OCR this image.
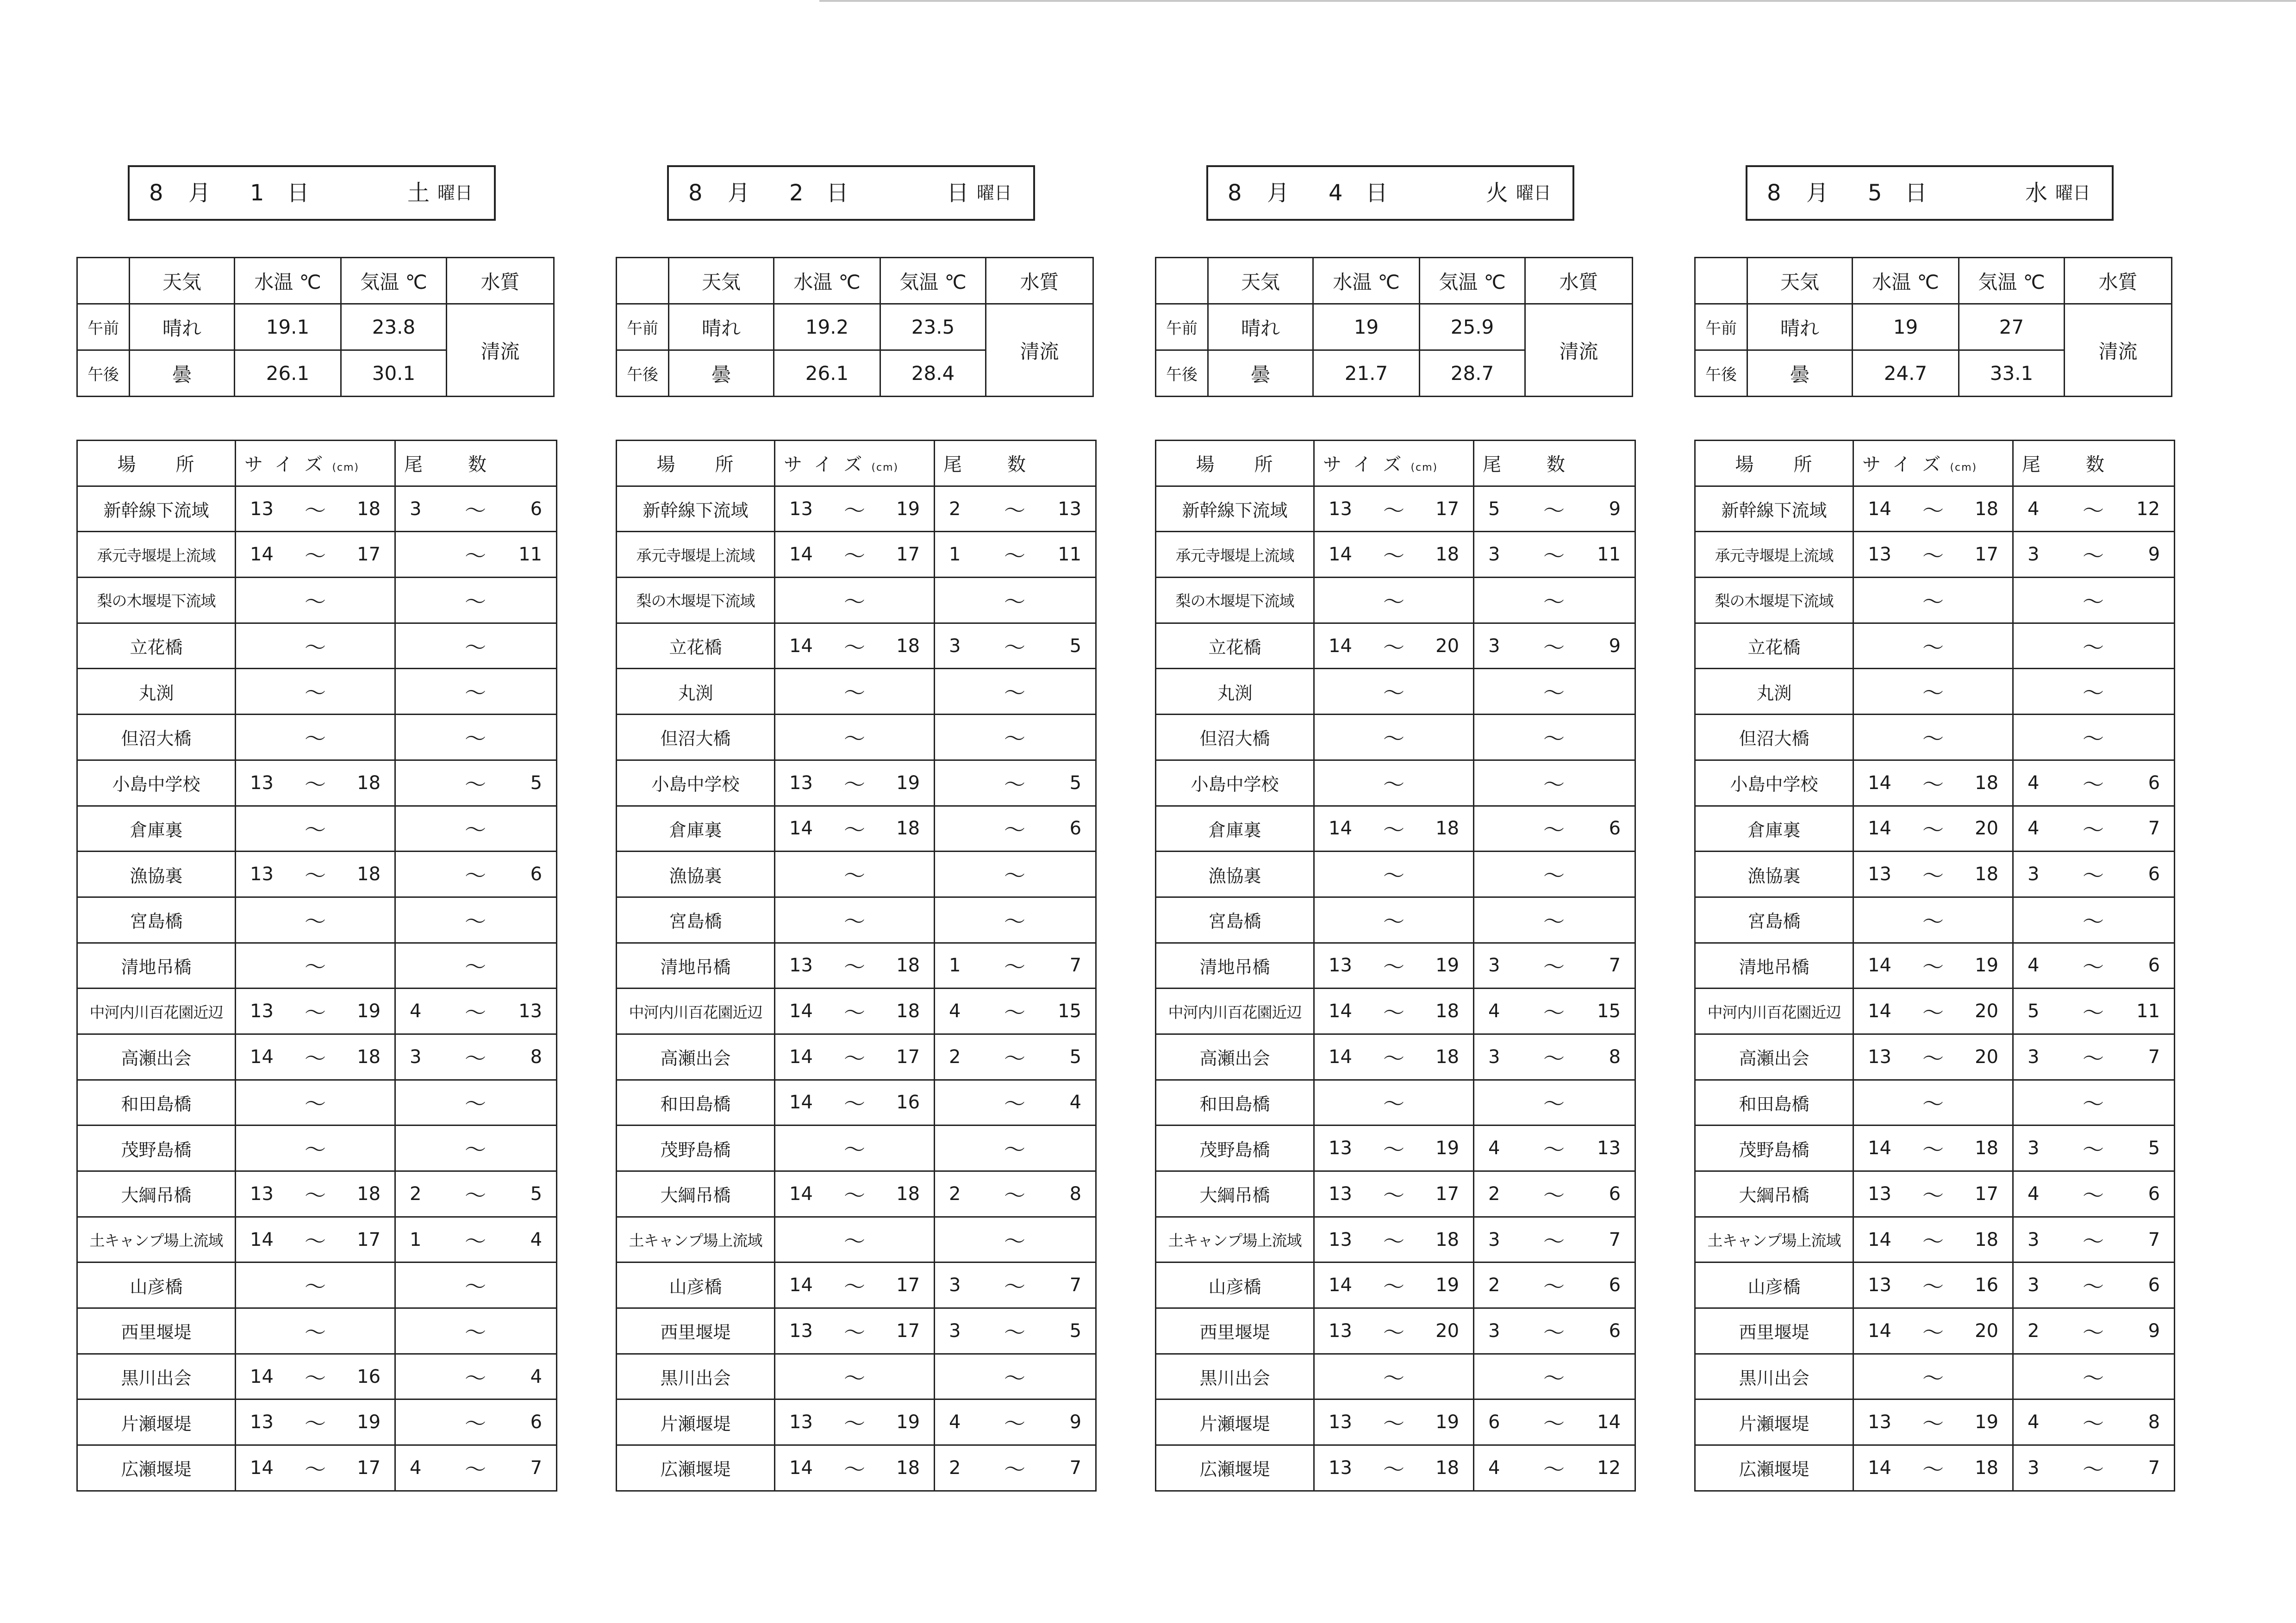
8 月 1 日	土 曜日
	天気	水温 ℃	気温 ℃	水質
午前	晴れ	19.1	23.8	清流
午後	曇	26.1	30.1	
場　　所	サ イ ズ (cm)			尾　　数		
新幹線下流域	13	〜	18	3	〜	6
承元寺堰堤上流域	14	〜	17		〜	11
梨の木堰堤下流域		〜			〜	
立花橋		〜			〜	
丸渕		〜			〜	
但沼大橋		〜			〜	
小島中学校	13	〜	18		〜	5
倉庫裏		〜			〜	
漁協裏	13	〜	18		〜	6
宮島橋		〜			〜	
清地吊橋		〜			〜	
中河内川百花園近辺	13	〜	19	4	〜	13
高瀬出会	14	〜	18	3	〜	8
和田島橋		〜			〜	
茂野島橋		〜			〜	
大綱吊橋	13	〜	18	2	〜	5
土キャンプ場上流域	14	〜	17	1	〜	4
山彦橋		〜			〜	
西里堰堤		〜			〜	
黒川出会	14	〜	16		〜	4
片瀬堰堤	13	〜	19		〜	6
広瀬堰堤	14	〜	17	4	〜	7
8 月 2 日	日 曜日
	天気	水温 ℃	気温 ℃	水質
午前	晴れ	19.2	23.5	清流
午後	曇	26.1	28.4	
場　　所	サ イ ズ (cm)			尾　　数		
新幹線下流域	13	〜	19	2	〜	13
承元寺堰堤上流域	14	〜	17	1	〜	11
梨の木堰堤下流域		〜			〜	
立花橋	14	〜	18	3	〜	5
丸渕		〜			〜	
但沼大橋		〜			〜	
小島中学校	13	〜	19		〜	5
倉庫裏	14	〜	18		〜	6
漁協裏		〜			〜	
宮島橋		〜			〜	
清地吊橋	13	〜	18	1	〜	7
中河内川百花園近辺	14	〜	18	4	〜	15
高瀬出会	14	〜	17	2	〜	5
和田島橋	14	〜	16		〜	4
茂野島橋		〜			〜	
大綱吊橋	14	〜	18	2	〜	8
土キャンプ場上流域		〜			〜	
山彦橋	14	〜	17	3	〜	7
西里堰堤	13	〜	17	3	〜	5
黒川出会		〜			〜	
片瀬堰堤	13	〜	19	4	〜	9
広瀬堰堤	14	〜	18	2	〜	7
8 月 4 日	火 曜日
	天気	水温 ℃	気温 ℃	水質
午前	晴れ	19	25.9	清流
午後	曇	21.7	28.7	
場　　所	サ イ ズ (cm)			尾　　数		
新幹線下流域	13	〜	17	5	〜	9
承元寺堰堤上流域	14	〜	18	3	〜	11
梨の木堰堤下流域		〜			〜	
立花橋	14	〜	20	3	〜	9
丸渕		〜			〜	
但沼大橋		〜			〜	
小島中学校		〜			〜	
倉庫裏	14	〜	18		〜	6
漁協裏		〜			〜	
宮島橋		〜			〜	
清地吊橋	13	〜	19	3	〜	7
中河内川百花園近辺	14	〜	18	4	〜	15
高瀬出会	14	〜	18	3	〜	8
和田島橋		〜			〜	
茂野島橋	13	〜	19	4	〜	13
大綱吊橋	13	〜	17	2	〜	6
土キャンプ場上流域	13	〜	18	3	〜	7
山彦橋	14	〜	19	2	〜	6
西里堰堤	13	〜	20	3	〜	6
黒川出会		〜			〜	
片瀬堰堤	13	〜	19	6	〜	14
広瀬堰堤	13	〜	18	4	〜	12
8 月 5 日	水 曜日
	天気	水温 ℃	気温 ℃	水質
午前	晴れ	19	27	清流
午後	曇	24.7	33.1	
場　　所	サ イ ズ (cm)			尾　　数		
新幹線下流域	14	〜	18	4	〜	12
承元寺堰堤上流域	13	〜	17	3	〜	9
梨の木堰堤下流域		〜			〜	
立花橋		〜			〜	
丸渕		〜			〜	
但沼大橋		〜			〜	
小島中学校	14	〜	18	4	〜	6
倉庫裏	14	〜	20	4	〜	7
漁協裏	13	〜	18	3	〜	6
宮島橋		〜			〜	
清地吊橋	14	〜	19	4	〜	6
中河内川百花園近辺	14	〜	20	5	〜	11
高瀬出会	13	〜	20	3	〜	7
和田島橋		〜			〜	
茂野島橋	14	〜	18	3	〜	5
大綱吊橋	13	〜	17	4	〜	6
土キャンプ場上流域	14	〜	18	3	〜	7
山彦橋	13	〜	16	3	〜	6
西里堰堤	14	〜	20	2	〜	9
黒川出会		〜			〜	
片瀬堰堤	13	〜	19	4	〜	8
広瀬堰堤	14	〜	18	3	〜	7
